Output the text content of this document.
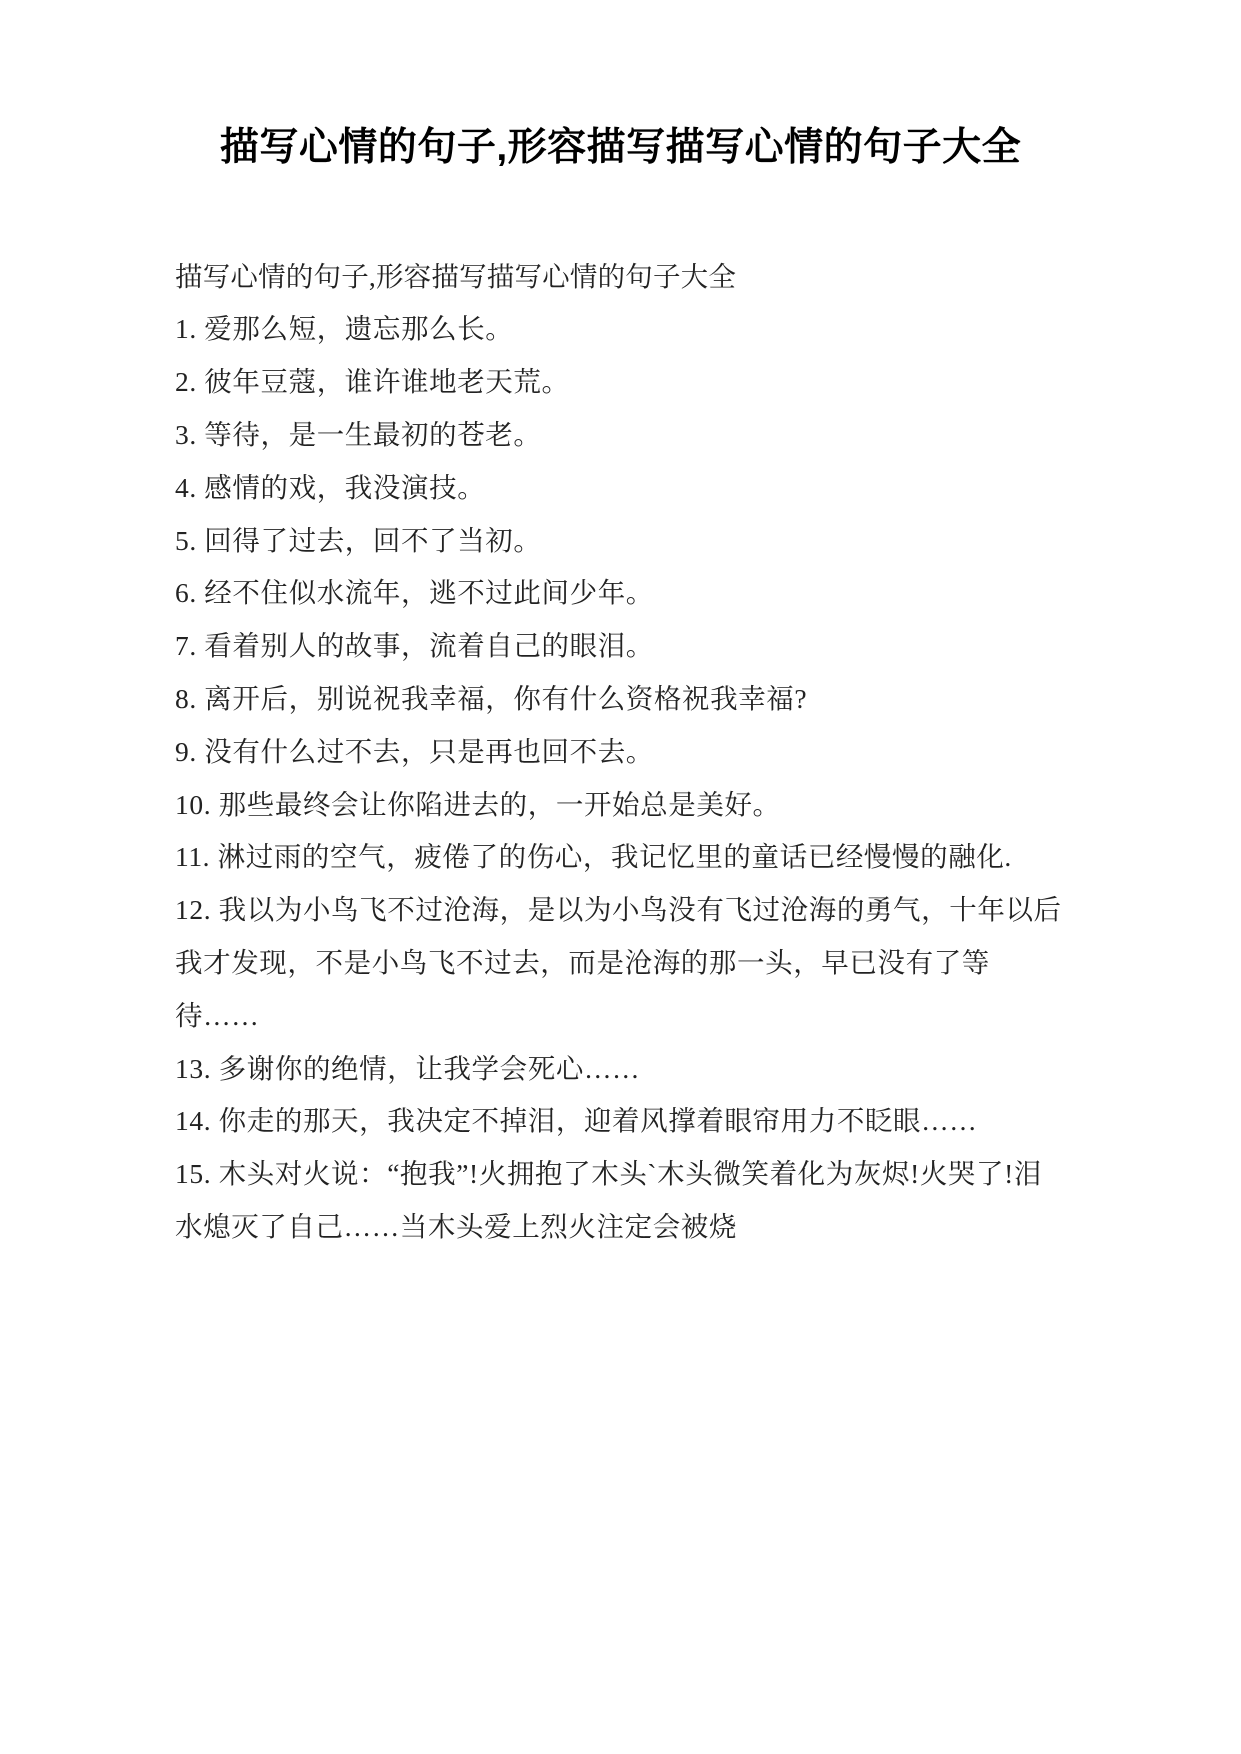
描写心情的句子,形容描写描写心情的句子大全

描写心情的句子,形容描写描写心情的句子大全

1. 爱那么短，遗忘那么长。

2. 彼年豆蔻，谁许谁地老天荒。

3. 等待，是一生最初的苍老。

4. 感情的戏，我没演技。

5. 回得了过去，回不了当初。

6. 经不住似水流年，逃不过此间少年。

7. 看着别人的故事，流着自己的眼泪。

8. 离开后，别说祝我幸福，你有什么资格祝我幸福?

9. 没有什么过不去，只是再也回不去。

10. 那些最终会让你陷进去的，一开始总是美好。

11. 淋过雨的空气，疲倦了的伤心，我记忆里的童话已经慢慢的融化.

12. 我以为小鸟飞不过沧海，是以为小鸟没有飞过沧海的勇气，十年以后我才发现，不是小鸟飞不过去，而是沧海的那一头，早已没有了等待……

13. 多谢你的绝情，让我学会死心……

14. 你走的那天，我决定不掉泪，迎着风撑着眼帘用力不眨眼……

15. 木头对火说：“抱我”!火拥抱了木头`木头微笑着化为灰烬!火哭了!泪水熄灭了自己……当木头爱上烈火注定会被烧
